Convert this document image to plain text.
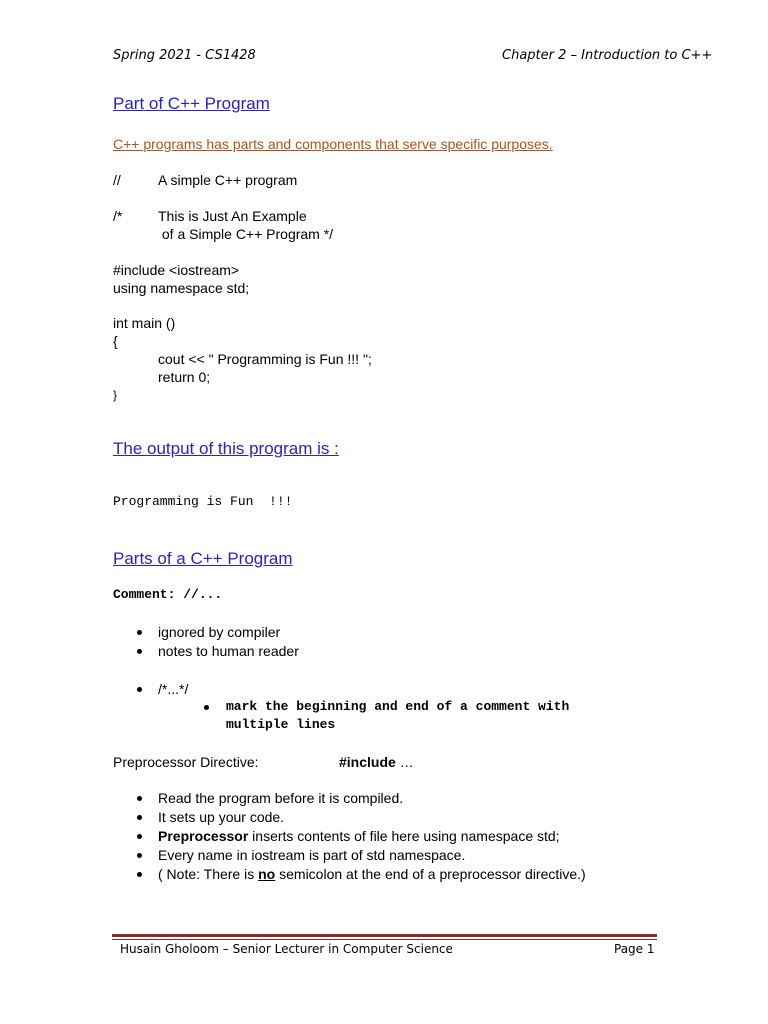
Spring 2021 - CS1428	Chapter 2 – Introduction to C++
Part of C++ Program
C++ programs has parts and components that serve specific purposes.
//	A simple C++ program
/*	This is Just An Example
of a Simple C++ Program */
#include <iostream>
using namespace std;
int main ()
{
cout << " Programming is Fun !!! ";
return 0;
}
The output of this program is :
Programming is Fun  !!!
Parts of a C++ Program
Comment: //...
ignored by compiler
notes to human reader
/*...*/
mark the beginning and end of a comment with
multiple lines
Preprocessor Directive:	#include …
Read the program before it is compiled.
It sets up your code.
Preprocessor inserts contents of file here using namespace std;
Every name in iostream is part of std namespace.
( Note: There is no semicolon at the end of a preprocessor directive.)
Husain Gholoom – Senior Lecturer in Computer Science	Page 1
